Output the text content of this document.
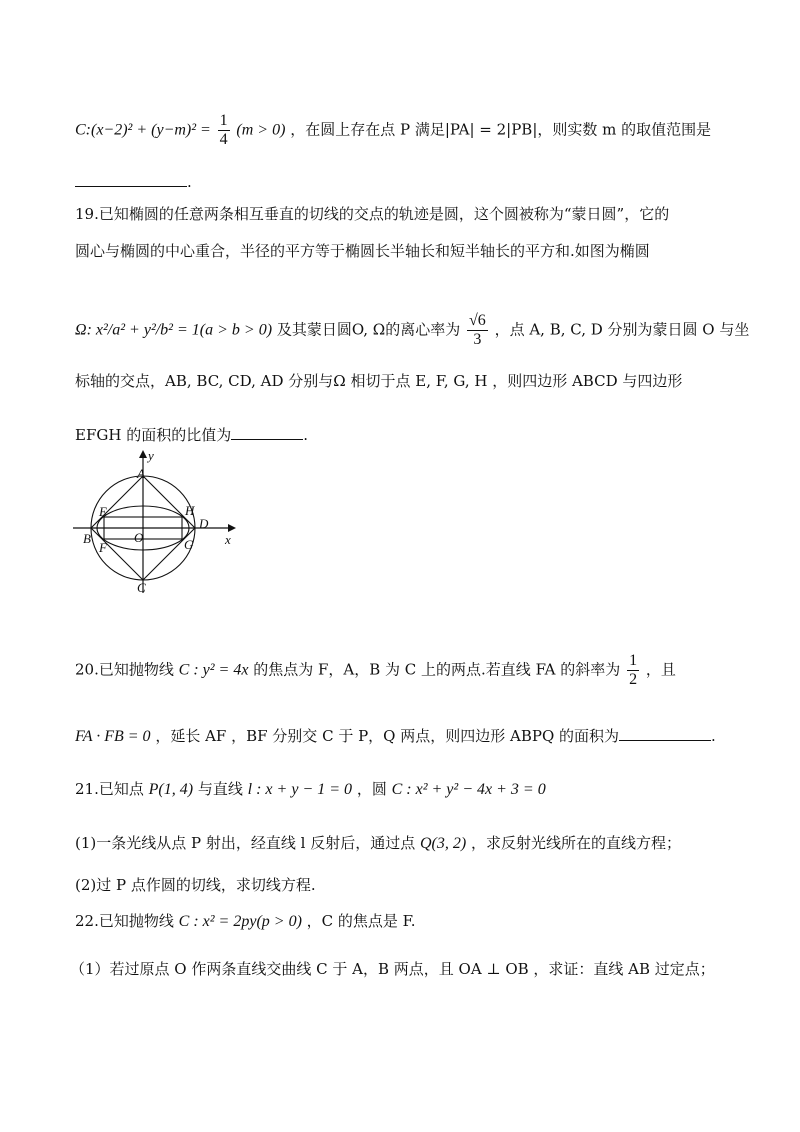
C:(x−2)² + $(y-m)^2 = \frac{1}{4} (m > 0)$ ，在圆上存在点 P 满足|PA| = 2|PB|，则实数 m 的取值范围是
.
19.已知椭圆的任意两条相互垂直的切线的交点的轨迹是圆，这个圆被称为“蒙日圆”，它的
圆心与椭圆的中心重合，半径的平方等于椭圆长半轴长和短半轴长的平方和.如图为椭圆
Ω: x²/a² + y²/b² = 1(a > b > 0) 及其蒙日圆O, Ω的离心率为 $\frac{√6}{3}$ ，点 A, B, C, D 分别为蒙日圆 O 与坐
标轴的交点，AB, BC, CD, AD 分别与Ω 相切于点 E, F, G, H ，则四边形 ABCD 与四边形
EFGH 的面积的比值为	.
y
x
A
B
C
D
O
E
F	G
H
20.已知抛物线 C : y² = 4x 的焦点为 F，A，B 为 C 上的两点.若直线 FA 的斜率为 $\frac{1}{2}$ ，且
FA · FB = 0 ，延长 AF ，BF 分别交 C 于 P，Q 两点，则四边形 ABPQ 的面积为	.
21.已知点 P(1, 4) 与直线 l : x + y − 1 = 0 ，圆 C : x² + y² − 4x + 3 = 0
(1)一条光线从点 P 射出，经直线 l 反射后，通过点 Q(3, 2) ，求反射光线所在的直线方程；
(2)过 P 点作圆的切线，求切线方程.
22.已知抛物线 C : x² = 2py(p > 0) ，C 的焦点是 F.
（1）若过原点 O 作两条直线交曲线 C 于 A，B 两点，且 OA ⊥ OB ，求证：直线 AB 过定点；
